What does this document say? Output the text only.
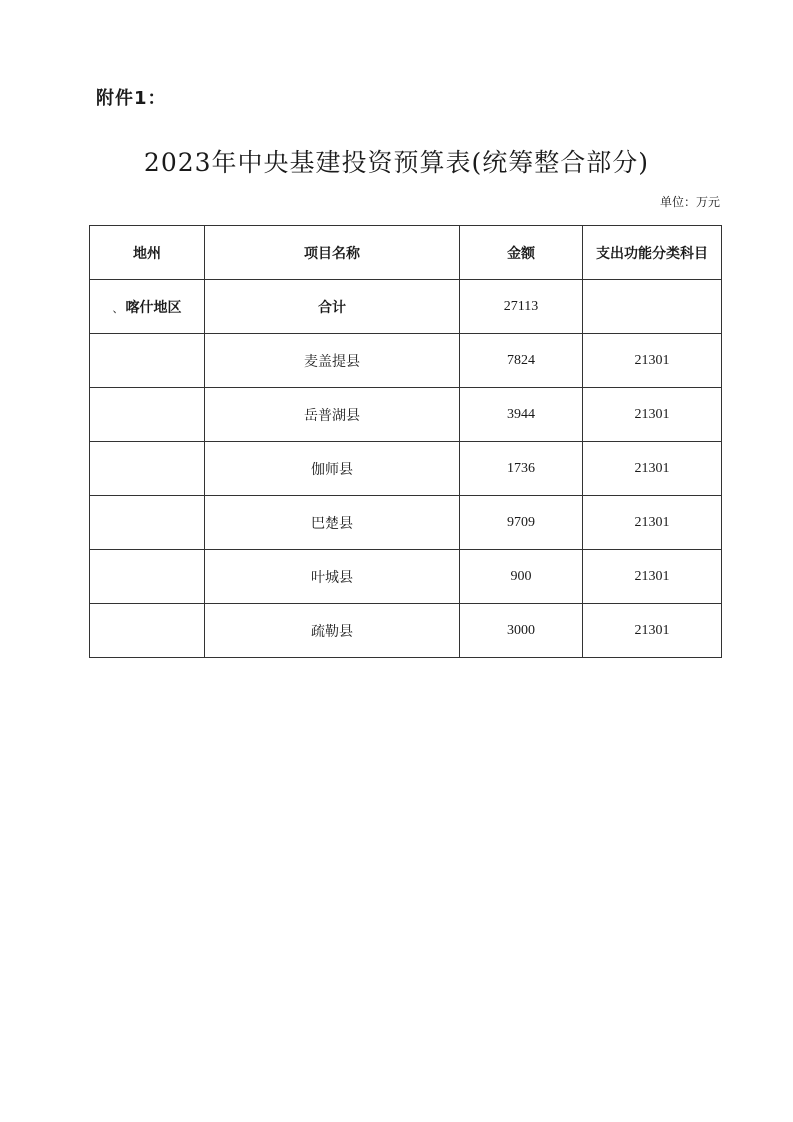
附件1：
2023年中央基建投资预算表(统筹整合部分)
单位：万元
地州	项目名称	金额	支出功能分类科目
、 喀什地区	合计	27113	
	麦盖提县	7824	21301
	岳普湖县	3944	21301
	伽师县	1736	21301
	巴楚县	9709	21301
	叶城县	900	21301
	疏勒县	3000	21301
